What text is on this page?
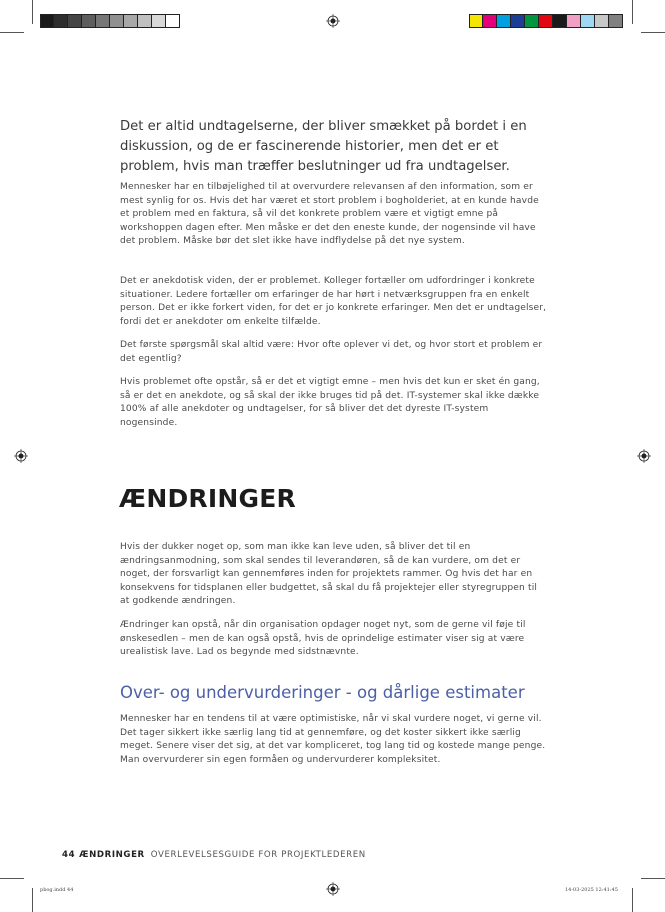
Det er altid undtagelserne, der bliver smækket på bordet i en diskussion, og de er fascinerende historier, men det er et problem, hvis man træffer beslutninger ud fra undtagelser.

Mennesker har en tilbøjelighed til at overvurdere relevansen af den information, som er mest synlig for os. Hvis det har været et stort problem i bogholderiet, at en kunde havde et problem med en faktura, så vil det konkrete problem være et vigtigt emne på workshoppen dagen efter. Men måske er det den eneste kunde, der nogensinde vil have det problem. Måske bør det slet ikke have indflydelse på det nye system.

Det er anekdotisk viden, der er problemet. Kolleger fortæller om udfordringer i konkrete situationer. Ledere fortæller om erfaringer de har hørt i netværksgruppen fra en enkelt person. Det er ikke forkert viden, for det er jo konkrete erfaringer. Men det er undtagelser, fordi det er anekdoter om enkelte tilfælde.

Det første spørgsmål skal altid være: Hvor ofte oplever vi det, og hvor stort et problem er det egentlig?

Hvis problemet ofte opstår, så er det et vigtigt emne – men hvis det kun er sket én gang, så er det en anekdote, og så skal der ikke bruges tid på det. IT-systemer skal ikke dække 100% af alle anekdoter og undtagelser, for så bliver det det dyreste IT-system nogensinde.

ÆNDRINGER

Hvis der dukker noget op, som man ikke kan leve uden, så bliver det til en ændringsanmodning, som skal sendes til leverandøren, så de kan vurdere, om det er noget, der forsvarligt kan gennemføres inden for projektets rammer. Og hvis det har en konsekvens for tidsplanen eller budgettet, så skal du få projektejer eller styregruppen til at godkende ændringen.

Ændringer kan opstå, når din organisation opdager noget nyt, som de gerne vil føje til ønskesedlen – men de kan også opstå, hvis de oprindelige estimater viser sig at være urealistisk lave. Lad os begynde med sidstnævnte.

Over- og undervurderinger - og dårlige estimater

Mennesker har en tendens til at være optimistiske, når vi skal vurdere noget, vi gerne vil. Det tager sikkert ikke særlig lang tid at gennemføre, og det koster sikkert ikke særlig meget. Senere viser det sig, at det var kompliceret, tog lang tid og kostede mange penge. Man overvurderer sin egen formåen og undervurderer kompleksitet.

44 ÆNDRINGER OVERLEVELSESGUIDE FOR PROJEKTLEDEREN
pbog.indd 44	14-03-2025 12:41:45
